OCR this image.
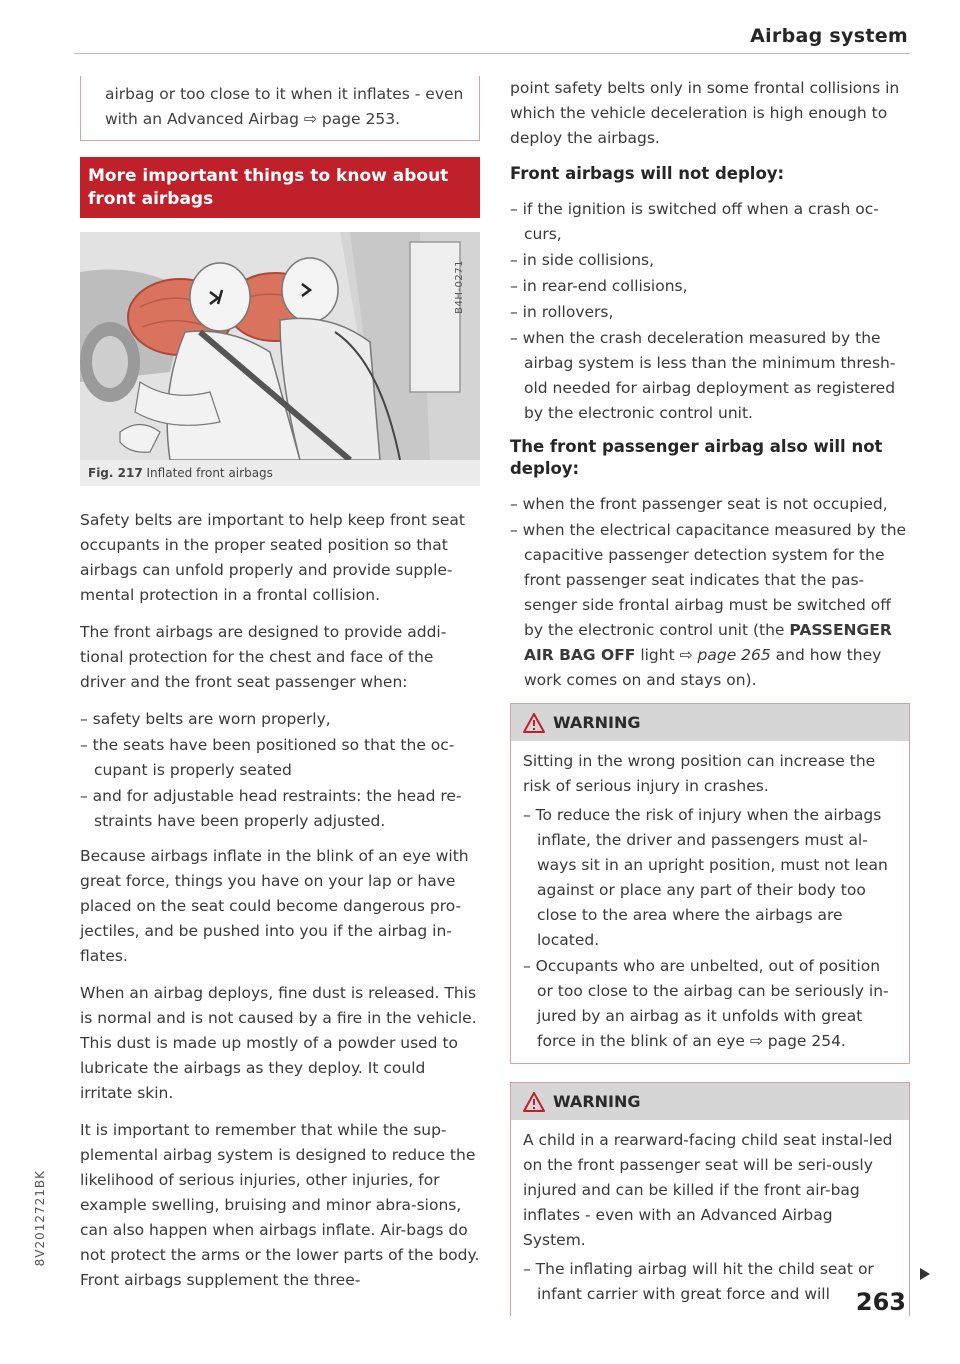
Airbag system
airbag or too close to it when it inflates - even with an Advanced Airbag ⇨ page 253.
More important things to know about front airbags
B4H-0271
Fig. 217 Inflated front airbags

Safety belts are important to help keep front seat occupants in the proper seated position so that airbags can unfold properly and provide supple-mental protection in a frontal collision.

The front airbags are designed to provide addi-tional protection for the chest and face of the driver and the front seat passenger when:

– safety belts are worn properly,
– the seats have been positioned so that the oc-cupant is properly seated
– and for adjustable head restraints: the head re-straints have been properly adjusted.

Because airbags inflate in the blink of an eye with great force, things you have on your lap or have placed on the seat could become dangerous pro-jectiles, and be pushed into you if the airbag in-flates.

When an airbag deploys, fine dust is released. This is normal and is not caused by a fire in the vehicle. This dust is made up mostly of a powder used to lubricate the airbags as they deploy. It could irritate skin.

It is important to remember that while the sup-plemental airbag system is designed to reduce the likelihood of serious injuries, other injuries, for example swelling, bruising and minor abra-sions, can also happen when airbags inflate. Air-bags do not protect the arms or the lower parts of the body. Front airbags supplement the three-

point safety belts only in some frontal collisions in which the vehicle deceleration is high enough to deploy the airbags.

Front airbags will not deploy:
– if the ignition is switched off when a crash oc-curs,
– in side collisions,
– in rear-end collisions,
– in rollovers,
– when the crash deceleration measured by the airbag system is less than the minimum thresh-old needed for airbag deployment as registered by the electronic control unit.
The front passenger airbag also will not deploy:
– when the front passenger seat is not occupied,
– when the electrical capacitance measured by the capacitive passenger detection system for the front passenger seat indicates that the pas-senger side frontal airbag must be switched off by the electronic control unit (the PASSENGER AIR BAG OFF light ⇨ page 265 and how they work comes on and stays on).
WARNING

Sitting in the wrong position can increase the risk of serious injury in crashes.

– To reduce the risk of injury when the airbags inflate, the driver and passengers must al-ways sit in an upright position, must not lean against or place any part of their body too close to the area where the airbags are located.
– Occupants who are unbelted, out of position or too close to the airbag can be seriously in-jured by an airbag as it unfolds with great force in the blink of an eye ⇨ page 254.
WARNING

A child in a rearward-facing child seat instal-led on the front passenger seat will be seri-ously injured and can be killed if the front air-bag inflates - even with an Advanced Airbag System.

– The inflating airbag will hit the child seat or infant carrier with great force and will	263
8V2012721BK
